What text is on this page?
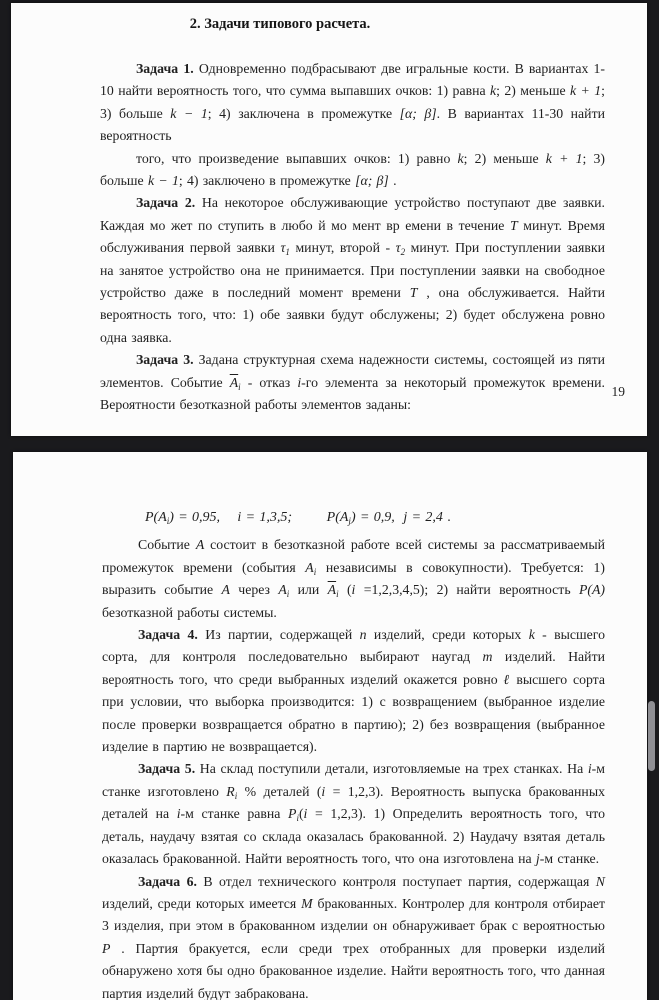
2. Задачи типового расчета.

Задача 1. Одновременно подбрасывают две игральные кости. В вариантах 1-10 найти вероятность того, что сумма выпавших очков: 1) равна k; 2) меньше k + 1; 3) больше k − 1; 4) заключена в промежутке [α; β]. В вариантах 11-30 найти вероятность

того, что произведение выпавших очков: 1) равно k; 2) меньше k + 1; 3) больше k − 1; 4) заключено в промежутке [α; β] .

Задача 2. На некоторое обслуживающие устройство поступают две заявки. Каждая мо жет по ступить в любо й мо мент вр емени в течение T минут. Время обслуживания первой заявки $\tau_1$ минут, второй - $\tau_2$ минут. При поступлении заявки на занятое устройство она не принимается. При поступлении заявки на свободное устройство даже в последний момент времени T , она обслуживается. Найти вероятность того, что: 1) обе заявки будут обслужены; 2) будет обслужена ровно одна заявка.

Задача 3. Задана структурная схема надежности системы, состоящей из пяти элементов. Событие $\overline{A}_i$ - отказ i-го элемента за некоторый промежуток времени. Вероятности безотказной работы элементов заданы:

19

$P(A_i) = 0,95$, i = 1,3,5; $P(A_j) = 0,9$, j = 2,4 .

Событие A состоит в безотказной работе всей системы за рассматриваемый промежуток времени (события $A_i$ независимы в совокупности). Требуется: 1) выразить событие A через $A_i$ или $\overline{A}_i$ (i =1,2,3,4,5); 2) найти вероятность P(A) безотказной работы системы.

Задача 4. Из партии, содержащей n изделий, среди которых k - высшего сорта, для контроля последовательно выбирают наугад m изделий. Найти вероятность того, что среди выбранных изделий окажется ровно ℓ высшего сорта при условии, что выборка производится: 1) с возвращением (выбранное изделие после проверки возвращается обратно в партию); 2) без возвращения (выбранное изделие в партию не возвращается).

Задача 5. На склад поступили детали, изготовляемые на трех станках. На i-м станке изготовлено $R_i$ % деталей (i = 1,2,3). Вероятность выпуска бракованных деталей на i-м станке равна $P_i(i = 1,2,3)$. 1) Определить вероятность того, что деталь, наудачу взятая со склада оказалась бракованной. 2) Наудачу взятая деталь оказалась бракованной. Найти вероятность того, что она изготовлена на j-м станке.

Задача 6. В отдел технического контроля поступает партия, содержащая N изделий, среди которых имеется M бракованных. Контролер для контроля отбирает 3 изделия, при этом в бракованном изделии он обнаруживает брак с вероятностью P . Партия бракуется, если среди трех отобранных для проверки изделий обнаружено хотя бы одно бракованное изделие. Найти вероятность того, что данная партия изделий будут забракована.
